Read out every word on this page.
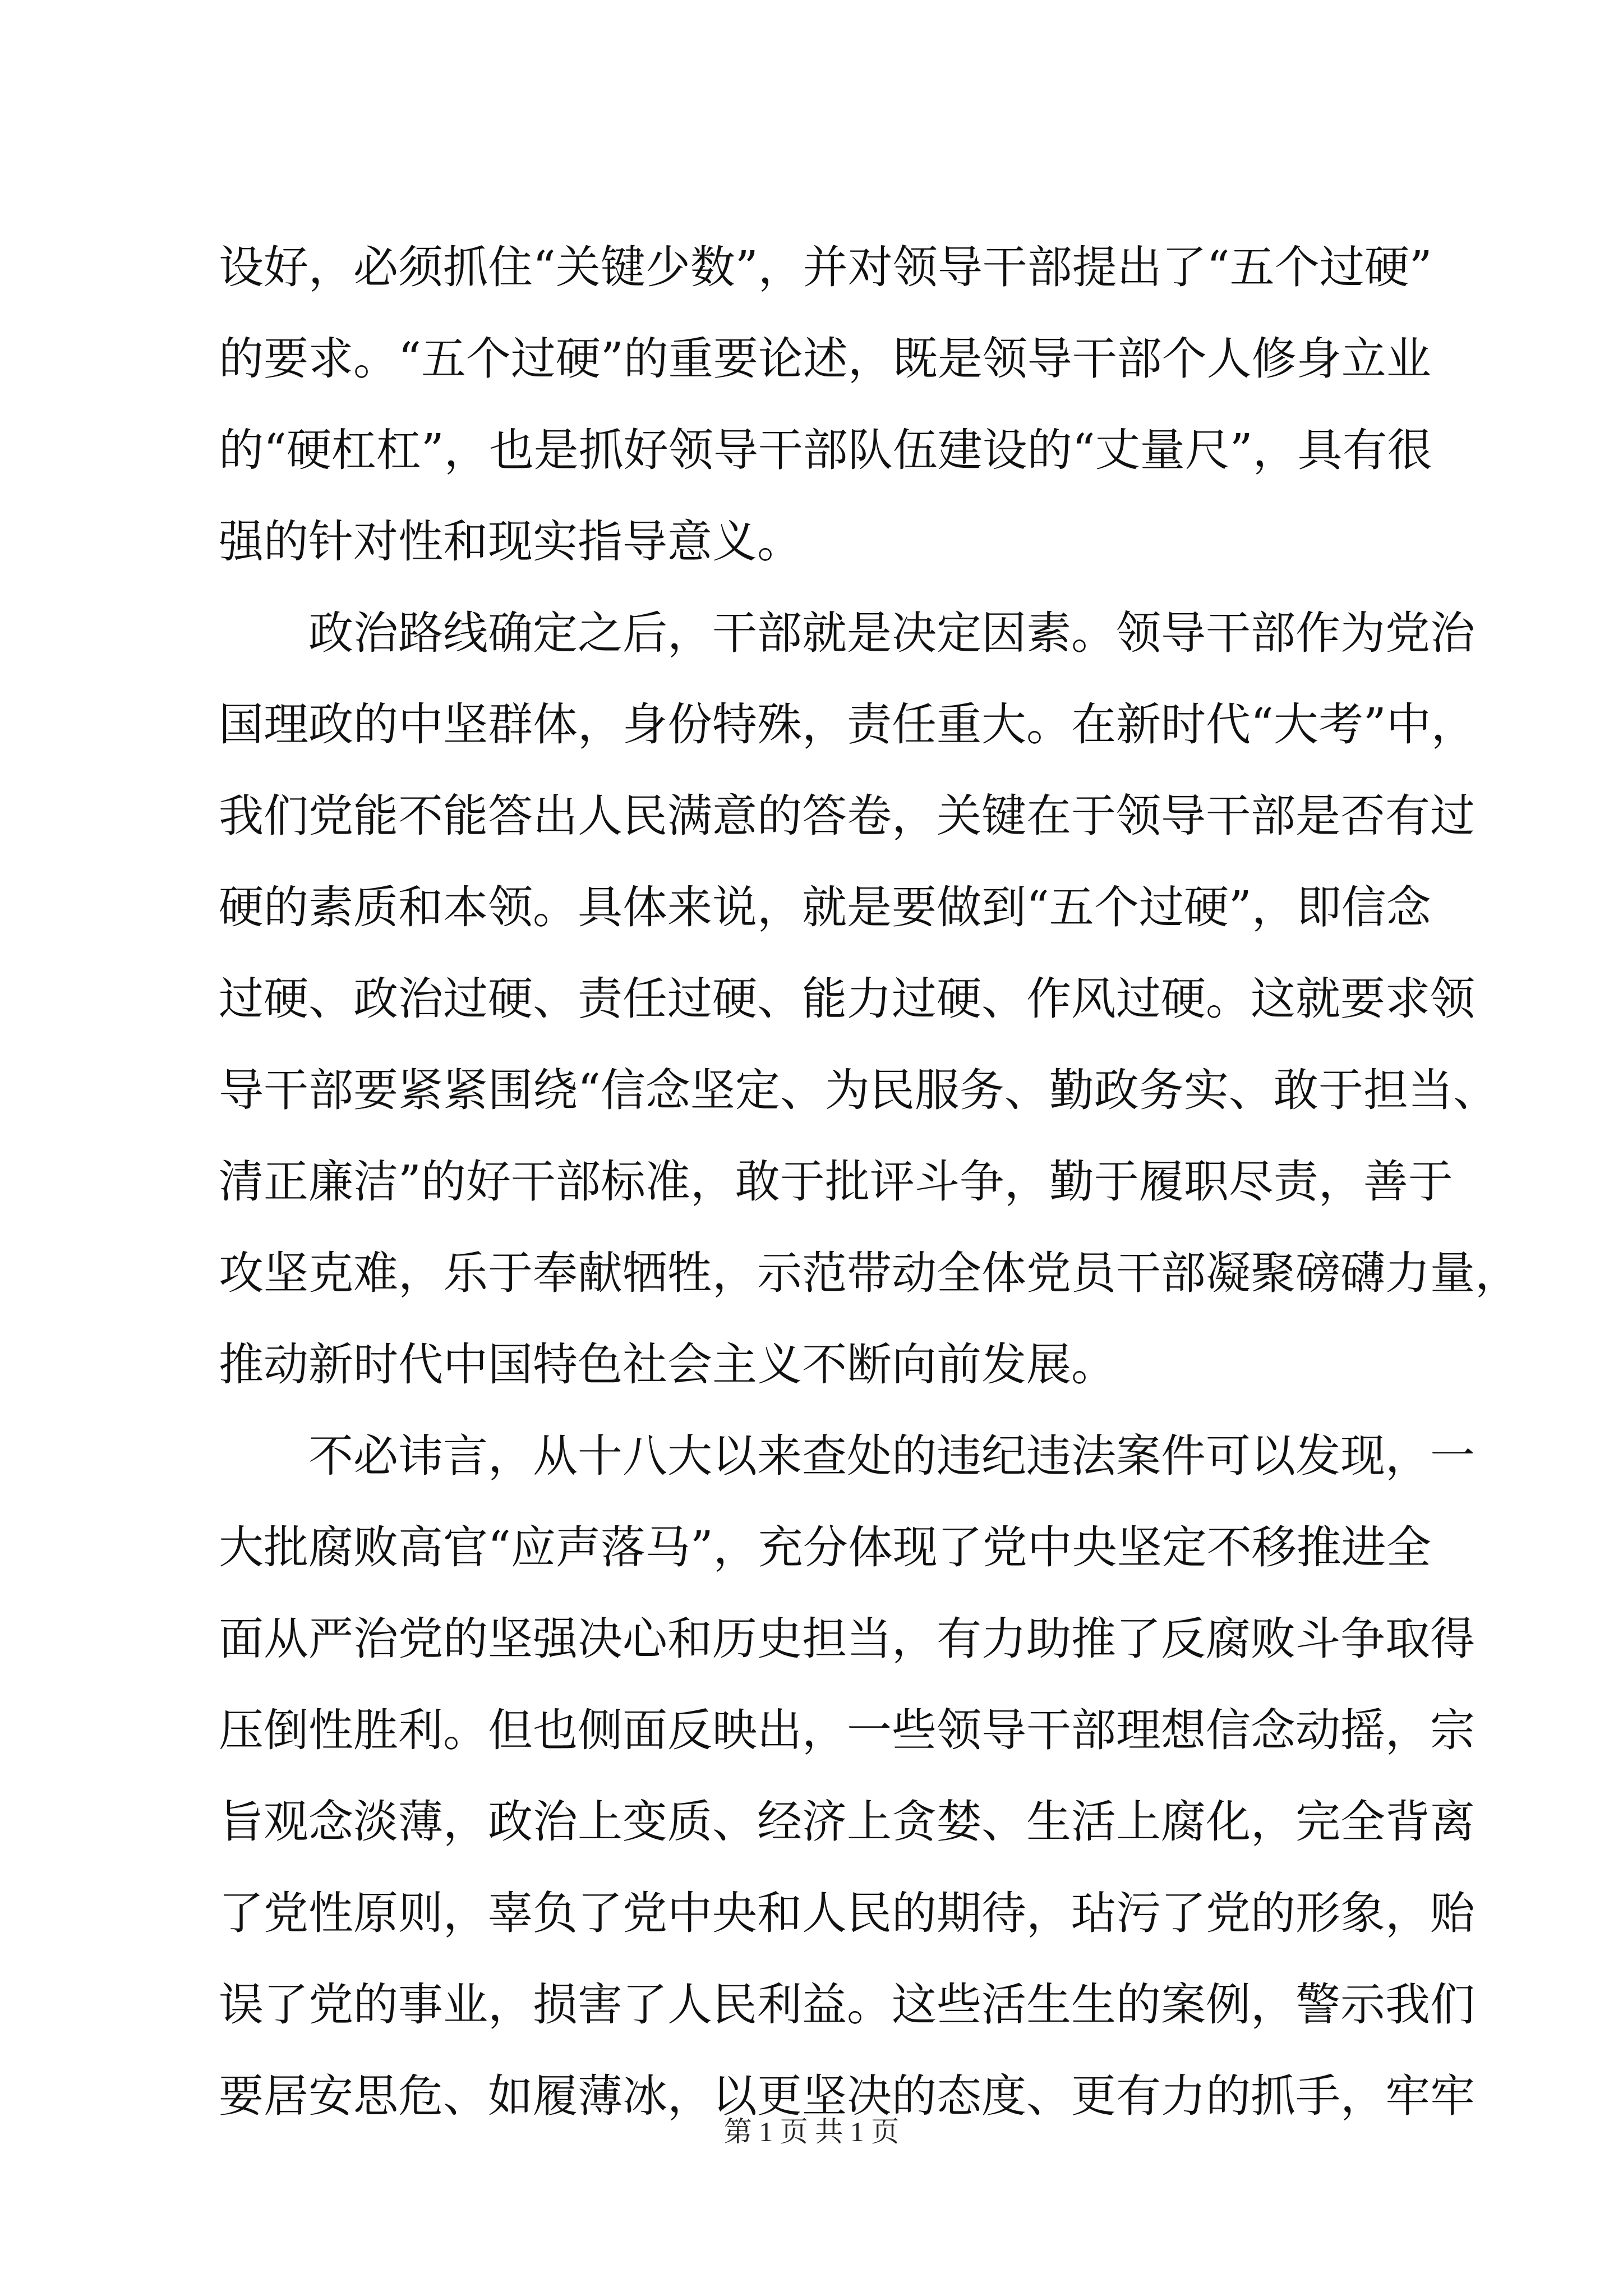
设好，必须抓住“关键少数”，并对领导干部提出了“五个过硬”
的要求。“五个过硬”的重要论述，既是领导干部个人修身立业
的“硬杠杠”，也是抓好领导干部队伍建设的“丈量尺”，具有很
强的针对性和现实指导意义。
　　政治路线确定之后，干部就是决定因素。领导干部作为党治
国理政的中坚群体，身份特殊，责任重大。在新时代“大考”中，
我们党能不能答出人民满意的答卷，关键在于领导干部是否有过
硬的素质和本领。具体来说，就是要做到“五个过硬”，即信念
过硬、政治过硬、责任过硬、能力过硬、作风过硬。这就要求领
导干部要紧紧围绕“信念坚定、为民服务、勤政务实、敢于担当、
清正廉洁”的好干部标准，敢于批评斗争，勤于履职尽责，善于
攻坚克难，乐于奉献牺牲，示范带动全体党员干部凝聚磅礴力量，
推动新时代中国特色社会主义不断向前发展。
　　不必讳言，从十八大以来查处的违纪违法案件可以发现，一
大批腐败高官“应声落马”，充分体现了党中央坚定不移推进全
面从严治党的坚强决心和历史担当，有力助推了反腐败斗争取得
压倒性胜利。但也侧面反映出，一些领导干部理想信念动摇，宗
旨观念淡薄，政治上变质、经济上贪婪、生活上腐化，完全背离
了党性原则，辜负了党中央和人民的期待，玷污了党的形象，贻
误了党的事业，损害了人民利益。这些活生生的案例，警示我们
要居安思危、如履薄冰，以更坚决的态度、更有力的抓手，牢牢
第 1 页 共 1 页
